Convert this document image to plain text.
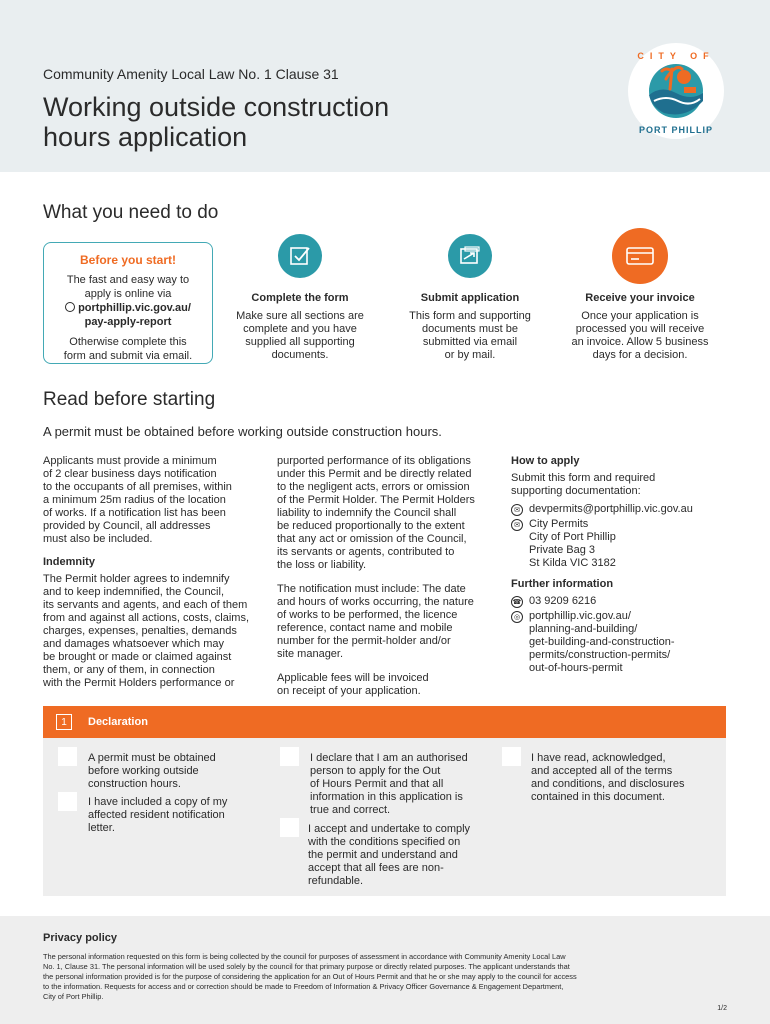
Community Amenity Local Law No. 1 Clause 31
Working outside construction hours application
CITY OF
PORT PHILLIP
What you need to do
Before you start!
The fast and easy way to
apply is online via
portphillip.vic.gov.au/
pay-apply-report
Otherwise complete this
form and submit via email.
Complete the form
Make sure all sections are
complete and you have
supplied all supporting
documents.
Submit application
This form and supporting
documents must be
submitted via email
or by mail.
Receive your invoice
Once your application is
processed you will receive
an invoice. Allow 5 business
days for a decision.
Read before starting
A permit must be obtained before working outside construction hours.

Applicants must provide a minimum

of 2 clear business days notification

to the occupants of all premises, within

a minimum 25m radius of the location

of works. If a notification list has been

provided by Council, all addresses

must also be included.

Indemnity

The Permit holder agrees to indemnify

and to keep indemnified, the Council,

its servants and agents, and each of them

from and against all actions, costs, claims,

charges, expenses, penalties, demands

and damages whatsoever which may

be brought or made or claimed against

them, or any of them, in connection

with the Permit Holders performance or

purported performance of its obligations

under this Permit and be directly related

to the negligent acts, errors or omission

of the Permit Holder. The Permit Holders

liability to indemnify the Council shall

be reduced proportionally to the extent

that any act or omission of the Council,

its servants or agents, contributed to

the loss or liability.

The notification must include: The date

and hours of works occurring, the nature

of works to be performed, the licence

reference, contact name and mobile

number for the permit-holder and/or

site manager.

Applicable fees will be invoiced

on receipt of your application.

How to apply

Submit this form and required

supporting documentation:

✉ devpermits@portphillip.vic.gov.au
✉ City Permits

City of Port Phillip

Private Bag 3

St Kilda VIC 3182

Further information

☎ 03 9209 6216
◎ portphillip.vic.gov.au/

planning-and-building/

get-building-and-construction-

permits/construction-permits/

out-of-hours-permit

1	Declaration

A permit must be obtained

before working outside

construction hours.

I have included a copy of my

affected resident notification

letter.

I declare that I am an authorised

person to apply for the Out

of Hours Permit and that all

information in this application is

true and correct.

I accept and undertake to comply

with the conditions specified on

the permit and understand and

accept that all fees are non-

refundable.

I have read, acknowledged,

and accepted all of the terms

and conditions, and disclosures

contained in this document.

Privacy policy

The personal information requested on this form is being collected by the council for purposes of assessment in accordance with Community Amenity Local Law

No. 1, Clause 31. The personal information will be used solely by the council for that primary purpose or directly related purposes. The applicant understands that

the personal information provided is for the purpose of considering the application for an Out of Hours Permit and that he or she may apply to the council for access

to the information. Requests for access and or correction should be made to Freedom of Information & Privacy Officer Governance & Engagement Department,

City of Port Phillip.

1/2
